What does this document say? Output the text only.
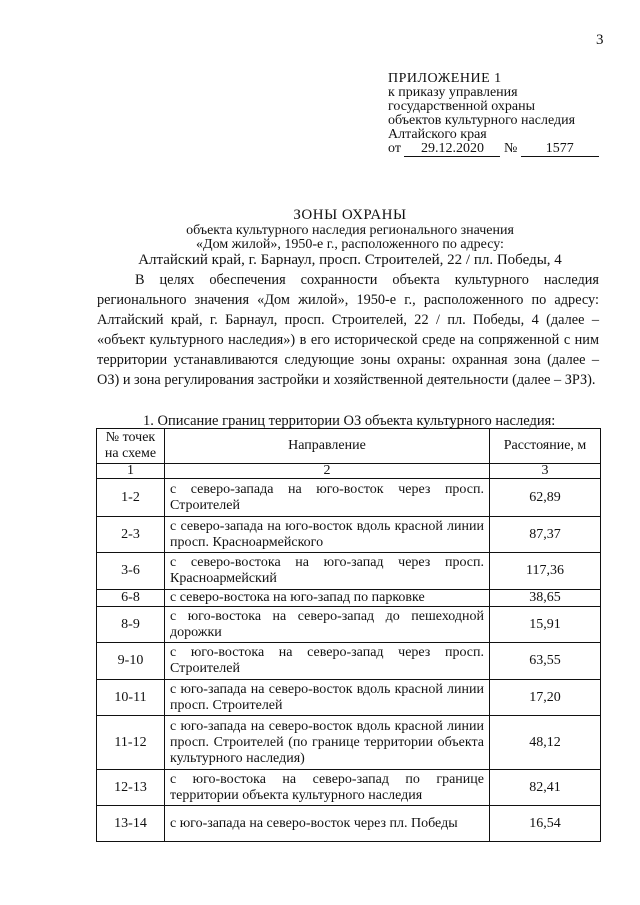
3
ПРИЛОЖЕНИЕ 1
к приказу управления
государственной охраны
объектов культурного наследия
Алтайского края
от 29.12.2020 № 1577
ЗОНЫ ОХРАНЫ
объекта культурного наследия регионального значения
«Дом жилой», 1950-е г., расположенного по адресу:
Алтайский край, г. Барнаул, просп. Строителей, 22 / пл. Победы, 4
В целях обеспечения сохранности объекта культурного наследия регионального значения «Дом жилой», 1950-е г., расположенного по адресу: Алтайский край, г. Барнаул, просп. Строителей, 22 / пл. Победы, 4 (далее – «объект культурного наследия») в его исторической среде на сопряженной с ним территории устанавливаются следующие зоны охраны: охранная зона (далее – ОЗ) и зона регулирования застройки и хозяйственной деятельности (далее – ЗРЗ).
1. Описание границ территории ОЗ объекта культурного наследия:
№ точек на схеме	Направление	Расстояние, м
1	2	3
1-2	с северо-запада на юго-восток через просп. Строителей	62,89
2-3	с северо-запада на юго-восток вдоль красной линии просп. Красноармейского	87,37
3-6	с северо-востока на юго-запад через просп. Красноармейский	117,36
6-8	с северо-востока на юго-запад по парковке	38,65
8-9	с юго-востока на северо-запад до пешеходной дорожки	15,91
9-10	с юго-востока на северо-запад через просп. Строителей	63,55
10-11	с юго-запада на северо-восток вдоль красной линии просп. Строителей	17,20
11-12	с юго-запада на северо-восток вдоль красной линии просп. Строителей (по границе территории объекта культурного наследия)	48,12
12-13	с юго-востока на северо-запад по границе территории объекта культурного наследия	82,41
13-14	с юго-запада на северо-восток через пл. Победы	16,54
